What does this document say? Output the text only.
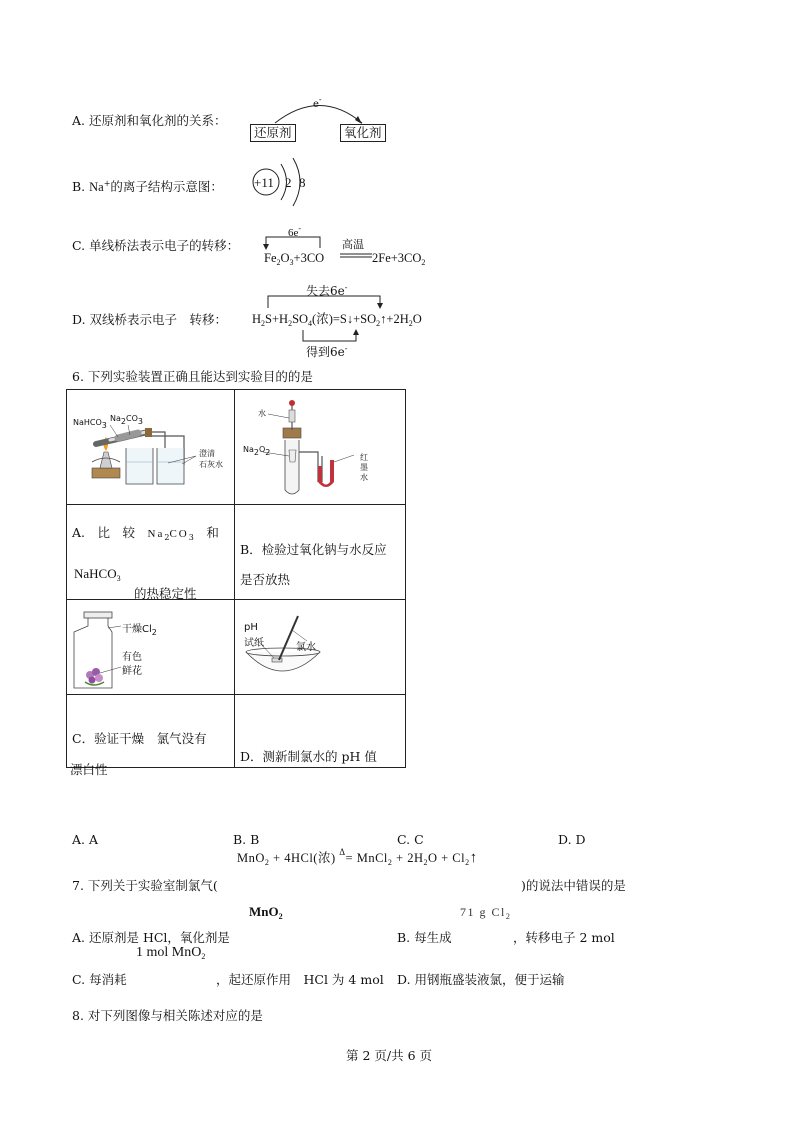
A. 还原剂和氧化剂的关系：
e-
还原剂	氧化剂
B. Na+的离子结构示意图： +11 2 8
C. 单线桥法表示电子的转移：
6e-
高温
$Fe_2O_3+3CO$	$2Fe+3CO_2$
D. 双线桥表示电子　转移：
失去6e-
得到6e-
$H_2S+H_2SO_4$(浓)$=S↓+SO_2↑+2H_2O$
6. 下列实验装置正确且能达到实验目的的是
NaHCO$_3$
$Na_2CO_3$
澄清
石灰水
水
$Na_2O_2$
红
墨
水
A.　比　较　 $Na_2CO_3$　 和
NaHCO$_3$
的热稳定性
B．检验过氧化钠与水反应
是否放热
干燥$Cl_2$
有色
鲜花
pH
试纸	氯水
C．验证干燥　氯气没有
漂白性
D．测新制氯水的 pH 值
A. A	B. B	C. C	D. D
MnO$_2$ + 4HCl(浓) $^\Delta$= MnCl$_2$ + $2H_2O$ + $Cl_2↑$
7. 下列关于实验室制氯气(	)的说法中错误的是
MnO$_2$	71 g $Cl_2$
A. 还原剂是 HCl，氧化剂是	B. 每生成	，转移电子 2 mol
1 mol MnO$_2$
C. 每消耗	，起还原作用　HCl 为 4 mol D. 用钢瓶盛装液氯，便于运输
8. 对下列图像与相关陈述对应的是
第 2 页/共 6 页
